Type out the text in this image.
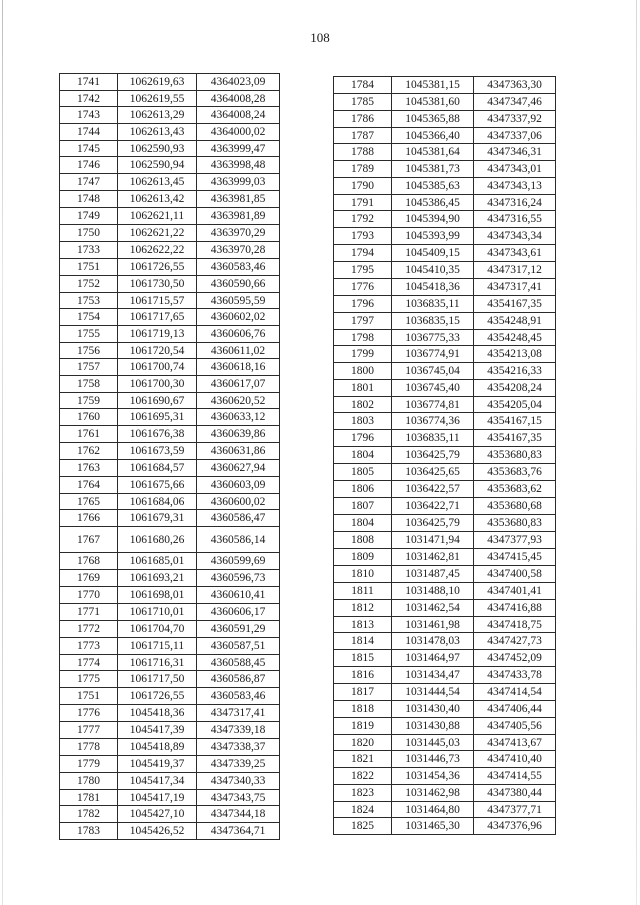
108
1741	1062619,63	4364023,09
1742	1062619,55	4364008,28
1743	1062613,29	4364008,24
1744	1062613,43	4364000,02
1745	1062590,93	4363999,47
1746	1062590,94	4363998,48
1747	1062613,45	4363999,03
1748	1062613,42	4363981,85
1749	1062621,11	4363981,89
1750	1062621,22	4363970,29
1733	1062622,22	4363970,28
1751	1061726,55	4360583,46
1752	1061730,50	4360590,66
1753	1061715,57	4360595,59
1754	1061717,65	4360602,02
1755	1061719,13	4360606,76
1756	1061720,54	4360611,02
1757	1061700,74	4360618,16
1758	1061700,30	4360617,07
1759	1061690,67	4360620,52
1760	1061695,31	4360633,12
1761	1061676,38	4360639,86
1762	1061673,59	4360631,86
1763	1061684,57	4360627,94
1764	1061675,66	4360603,09
1765	1061684,06	4360600,02
1766	1061679,31	4360586,47
1767	1061680,26	4360586,14
1768	1061685,01	4360599,69
1769	1061693,21	4360596,73
1770	1061698,01	4360610,41
1771	1061710,01	4360606,17
1772	1061704,70	4360591,29
1773	1061715,11	4360587,51
1774	1061716,31	4360588,45
1775	1061717,50	4360586,87
1751	1061726,55	4360583,46
1776	1045418,36	4347317,41
1777	1045417,39	4347339,18
1778	1045418,89	4347338,37
1779	1045419,37	4347339,25
1780	1045417,34	4347340,33
1781	1045417,19	4347343,75
1782	1045427,10	4347344,18
1783	1045426,52	4347364,71
1784	1045381,15	4347363,30
1785	1045381,60	4347347,46
1786	1045365,88	4347337,92
1787	1045366,40	4347337,06
1788	1045381,64	4347346,31
1789	1045381,73	4347343,01
1790	1045385,63	4347343,13
1791	1045386,45	4347316,24
1792	1045394,90	4347316,55
1793	1045393,99	4347343,34
1794	1045409,15	4347343,61
1795	1045410,35	4347317,12
1776	1045418,36	4347317,41
1796	1036835,11	4354167,35
1797	1036835,15	4354248,91
1798	1036775,33	4354248,45
1799	1036774,91	4354213,08
1800	1036745,04	4354216,33
1801	1036745,40	4354208,24
1802	1036774,81	4354205,04
1803	1036774,36	4354167,15
1796	1036835,11	4354167,35
1804	1036425,79	4353680,83
1805	1036425,65	4353683,76
1806	1036422,57	4353683,62
1807	1036422,71	4353680,68
1804	1036425,79	4353680,83
1808	1031471,94	4347377,93
1809	1031462,81	4347415,45
1810	1031487,45	4347400,58
1811	1031488,10	4347401,41
1812	1031462,54	4347416,88
1813	1031461,98	4347418,75
1814	1031478,03	4347427,73
1815	1031464,97	4347452,09
1816	1031434,47	4347433,78
1817	1031444,54	4347414,54
1818	1031430,40	4347406,44
1819	1031430,88	4347405,56
1820	1031445,03	4347413,67
1821	1031446,73	4347410,40
1822	1031454,36	4347414,55
1823	1031462,98	4347380,44
1824	1031464,80	4347377,71
1825	1031465,30	4347376,96
